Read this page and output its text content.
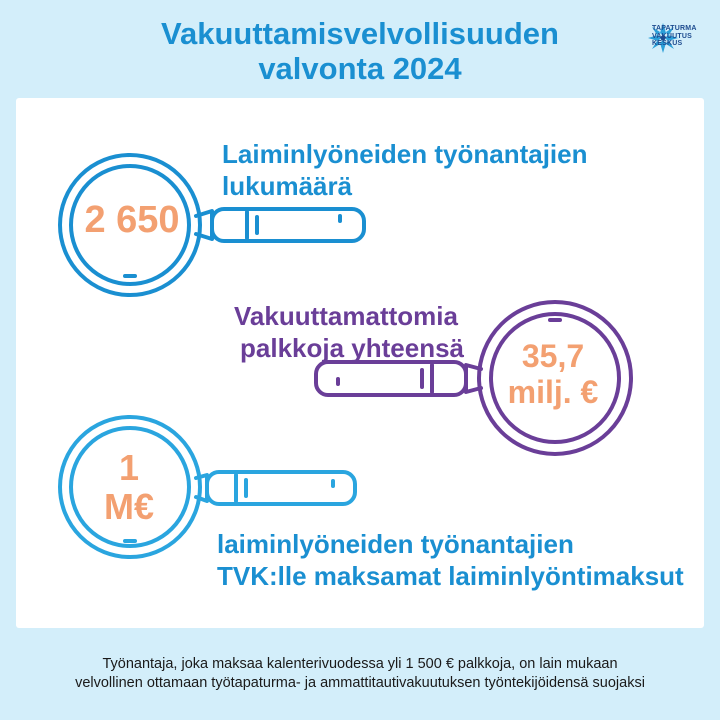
Vakuuttamisvelvollisuuden
valvonta 2024
TAPATURMA
VAKUUTUS
KESKUS

2 650

Laiminlyöneiden työnantajien
lukumäärä

Vakuuttamattomia
palkkoja yhteensä	35,7
milj. €

1
M€

laiminlyöneiden työnantajien
TVK:lle maksamat laiminlyöntimaksut

Työnantaja, joka maksaa kalenterivuodessa yli 1 500 € palkkoja, on lain mukaan
velvollinen ottamaan työtapaturma- ja ammattitautivakuutuksen työntekijöidensä suojaksi
